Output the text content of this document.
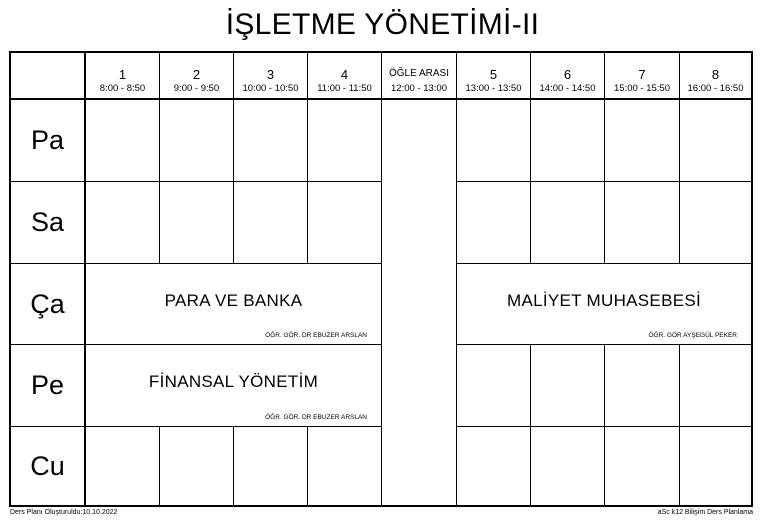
İŞLETME YÖNETİMİ-II
1
8:00 - 8:50
2
9:00 - 9:50
3
10:00 - 10:50
4
11:00 - 11:50
ÖĞLE ARASI
12:00 - 13:00
5
13:00 - 13:50
6
14:00 - 14:50
7
15:00 - 15:50
8
16:00 - 16:50
Pa
Sa
Ça
Pe
Cu
PARA VE BANKA
ÖĞR. GÖR. DR EBUZER ARSLAN
MALİYET MUHASEBESİ
ÖĞR. GÖR AYŞEGÜL PEKER
FİNANSAL YÖNETİM
ÖĞR. GÖR. DR EBUZER ARSLAN
Ders Planı Oluşturuldu:10.10.2022	aSc k12 Bilişim Ders Planlama
